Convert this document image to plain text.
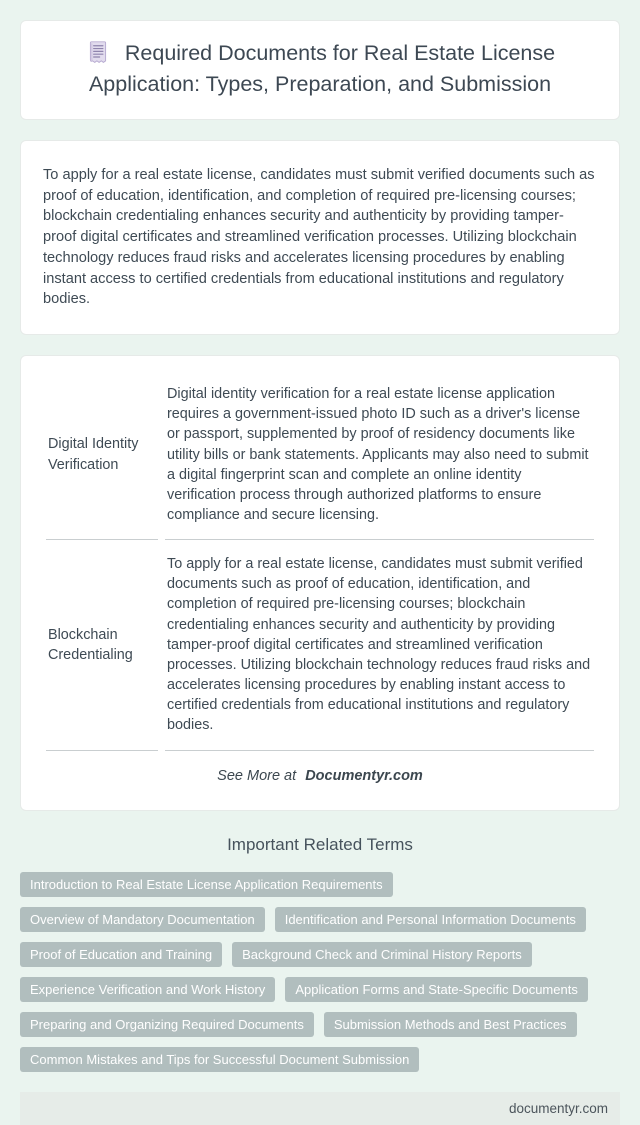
Required Documents for Real Estate License Application: Types, Preparation, and Submission

To apply for a real estate license, candidates must submit verified documents such as proof of education, identification, and completion of required pre-licensing courses; blockchain credentialing enhances security and authenticity by providing tamper-proof digital certificates and streamlined verification processes. Utilizing blockchain technology reduces fraud risks and accelerates licensing procedures by enabling instant access to certified credentials from educational institutions and regulatory bodies.

Digital Identity Verification	Digital identity verification for a real estate license application requires a government-issued photo ID such as a driver's license or passport, supplemented by proof of residency documents like utility bills or bank statements. Applicants may also need to submit a digital fingerprint scan and complete an online identity verification process through authorized platforms to ensure compliance and secure licensing.
Blockchain Credentialing	To apply for a real estate license, candidates must submit verified documents such as proof of education, identification, and completion of required pre-licensing courses; blockchain credentialing enhances security and authenticity by providing tamper-proof digital certificates and streamlined verification processes. Utilizing blockchain technology reduces fraud risks and accelerates licensing procedures by enabling instant access to certified credentials from educational institutions and regulatory bodies.

See More at Documentyr.com

Important Related Terms
Introduction to Real Estate License Application Requirements
Overview of Mandatory Documentation	Identification and Personal Information Documents
Proof of Education and Training	Background Check and Criminal History Reports
Experience Verification and Work History	Application Forms and State-Specific Documents
Preparing and Organizing Required Documents	Submission Methods and Best Practices
Common Mistakes and Tips for Successful Document Submission
documentyr.com
